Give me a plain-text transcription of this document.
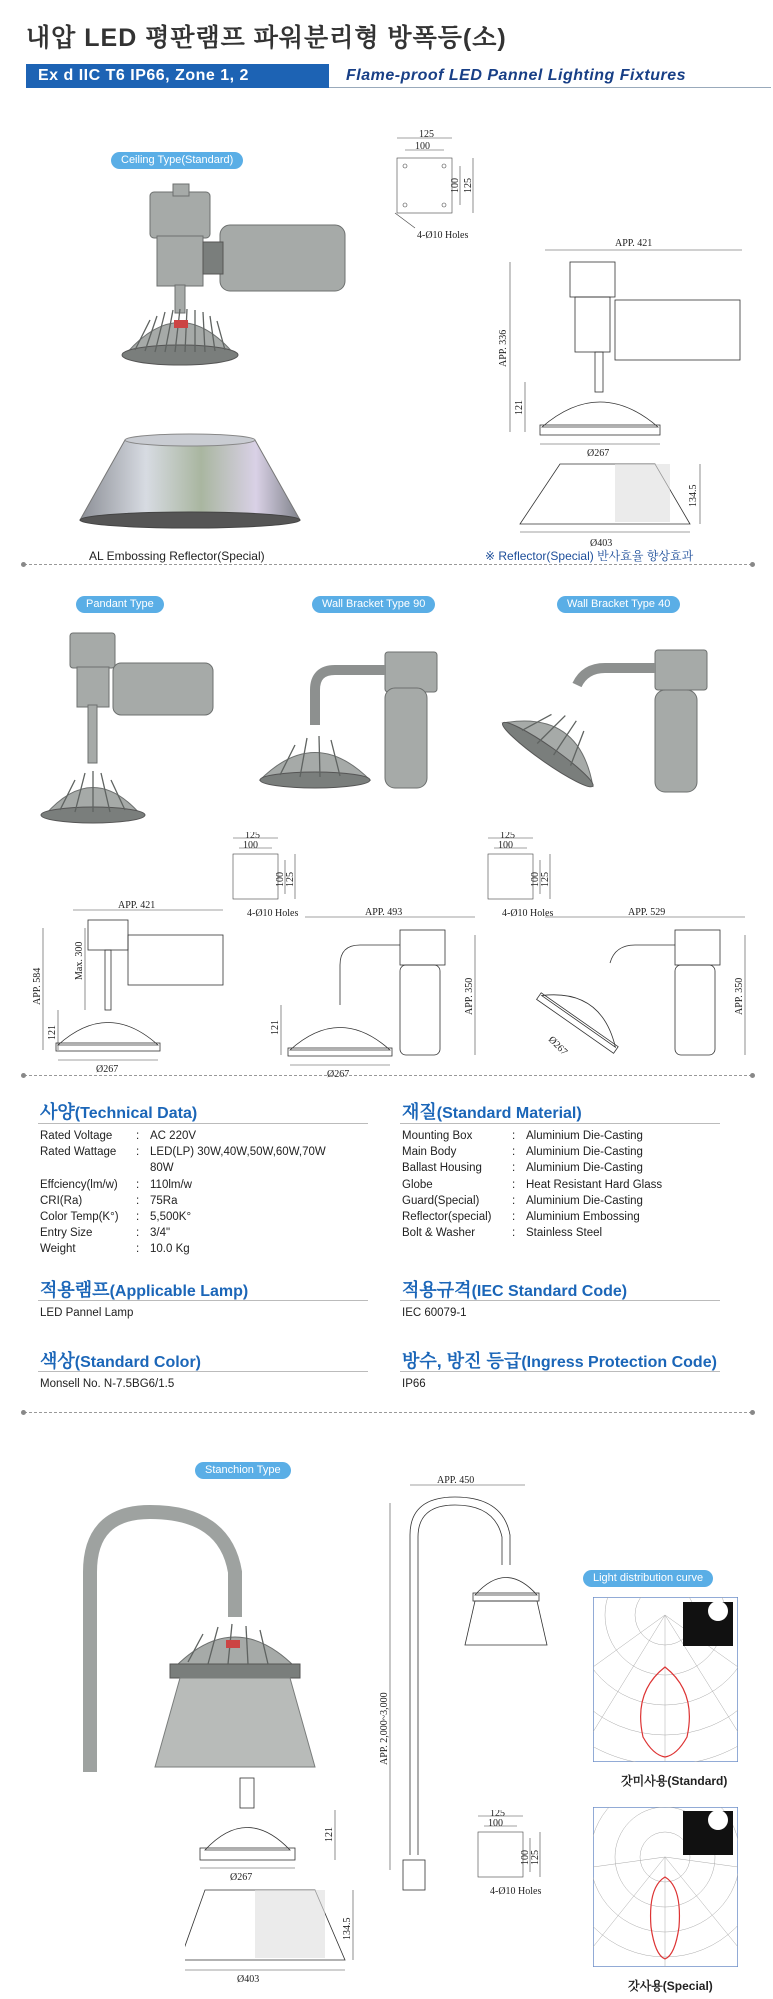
내압 LED 평판램프 파워분리형 방폭등(소)
Ex d IIC T6 IP66, Zone 1, 2	Flame-proof LED Pannel Lighting Fixtures
Ceiling Type(Standard)
AL Embossing Reflector(Special)
125
100
100 125
4-Ø10 Holes
APP. 421
APP. 336
121
Ø267
134.5
Ø403
※ Reflector(Special) 반사효율 향상효과
Pandant Type	Wall Bracket Type 90	Wall Bracket Type 40
125
100
100 125
4-Ø10 Holes
125
100
100 125
4-Ø10 Holes
APP. 421
APP. 584
Max. 300
121
Ø267
APP. 493
APP. 350
121
Ø267
APP. 529
APP. 350
Ø267
사양(Technical Data)
Rated Voltage	: AC 220V
Rated Wattage	: LED(LP) 30W,40W,50W,60W,70W
80W
Effciency(lm/w)	: 110lm/w
CRI(Ra)	: 75Ra
Color Temp(K°)	: 5,500K°
Entry Size	: 3/4"
Weight	: 10.0 Kg
재질(Standard Material)
Mounting Box	: Aluminium Die-Casting
Main Body	: Aluminium Die-Casting
Ballast Housing	: Aluminium Die-Casting
Globe	: Heat Resistant Hard Glass
Guard(Special)	: Aluminium Die-Casting
Reflector(special)	: Aluminium Embossing
Bolt & Washer	: Stainless Steel
적용램프(Applicable Lamp)
LED Pannel Lamp
적용규격(IEC Standard Code)
IEC 60079-1
색상(Standard Color)
Monsell No. N-7.5BG6/1.5
방수, 방진 등급(Ingress Protection Code)
IP66
Stanchion Type
121
Ø267
134.5
Ø403
APP. 450
APP. 2,000~3,000
125
100
100 125
4-Ø10 Holes
Light distribution curve
갓미사용(Standard)
갓사용(Special)
